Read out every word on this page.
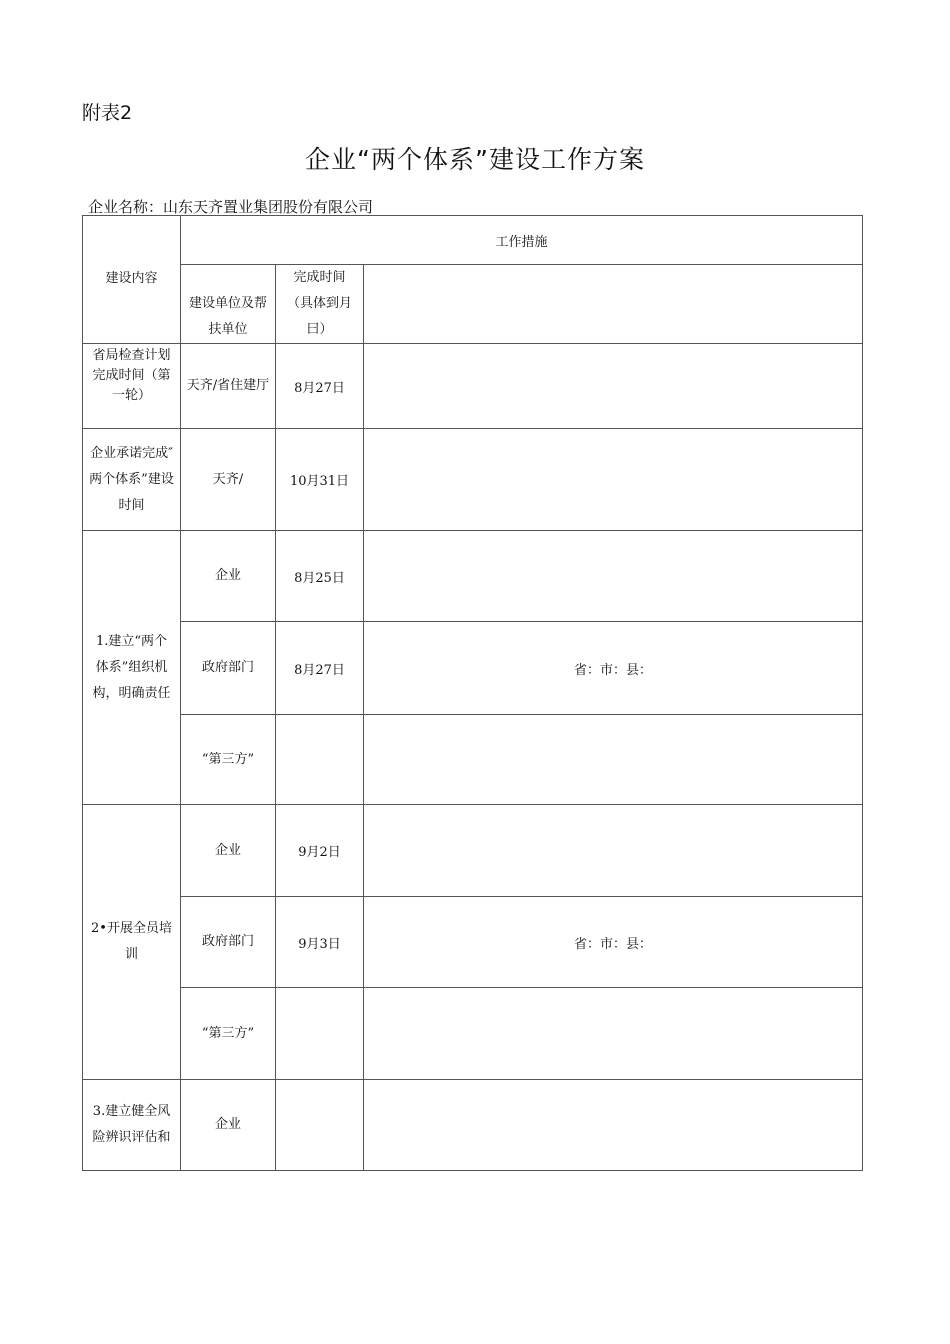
附表2
企业“两个体系”建设工作方案
企业名称：山东天齐置业集团股份有限公司
建设内容	工作措施		
	建设单位及帮扶单位	完成时间（具体到月曰）	
省局检查计划完成时间（第一轮）	天齐/省住建厅	8月27日	
企业承诺完成″两个体系”建设时间	天齐/	10月31日	
1.建立“两个体系”组织机构，明确责任	企业	8月25日	
	政府部门	8月27日	省：市：县：
	“第三方”		
2•开展全员培训	企业	9月2日	
	政府部门	9月3日	省：市：县：
	“第三方”		
3.建立健全风险辨识评估和	企业		
